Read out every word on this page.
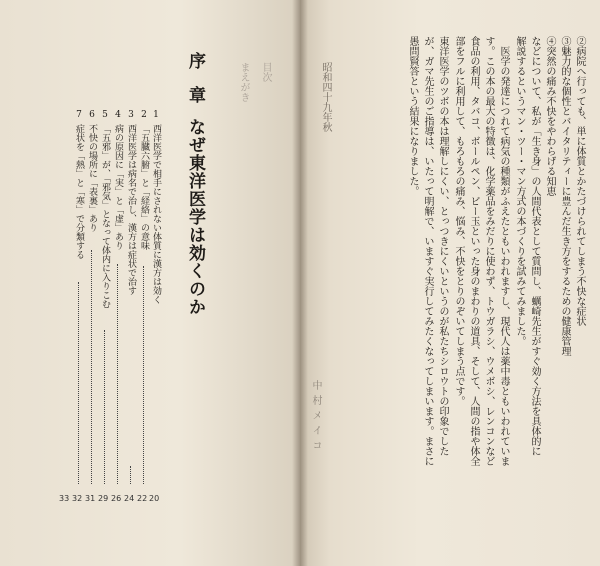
目次
まえがき
序　章
なぜ東洋医学は効くのか
1
西洋医学で相手にされない体質に漢方は効く
20
2
「五臓六腑」と「経絡」の意味
22
3
西洋医学は病名で治し、漢方は症状で治す
24
4
病の原因に「実」と「虚」あり
26
5
「五邪」が、「邪気」となって体内に入りこむ
29
6
不快の場所に「表裏」あり
31
7
症状を「熱」と「寒」で分類する
32
33
②病院へ行っても、単に体質とかたづけられてしまう不快な症状
③魅力的な個性とバイタリティーに豊んだ生き方をするための健康管理
④突然の痛み不快をやわらげる知恵
などについて、私が「生き身」の人間代表として質問し、蠣崎先生がすぐ効く方法を具体的に
解説するというマン・ツー・マン方式の本づくりを試みてみました。
医学の発達につれて病気の種類がふえたともいわれますし、現代人は薬中毒ともいわれていま
す。この本の最大の特徴は、化学薬品をみだりに使わず、トウガラシ、ウメボシ、レンコンなど
食品の利用、タバコ、ボールペン、ビー玉といった身のまわりの道具、そして、人間の指や体全
部をフルに利用して、もろもろの痛み、悩み、不快をとりのぞいてしまう点です。
東洋医学のツボの本は理解しにくい、とっつきにくいというのが私たちシロウトの印象でした
が、ガマ先生のご指導は、いたって明解で、いますぐ実行してみたくなってしまいます。まさに
愚問賢答という結果になりました。
昭和四十九年秋
中村メイコ
